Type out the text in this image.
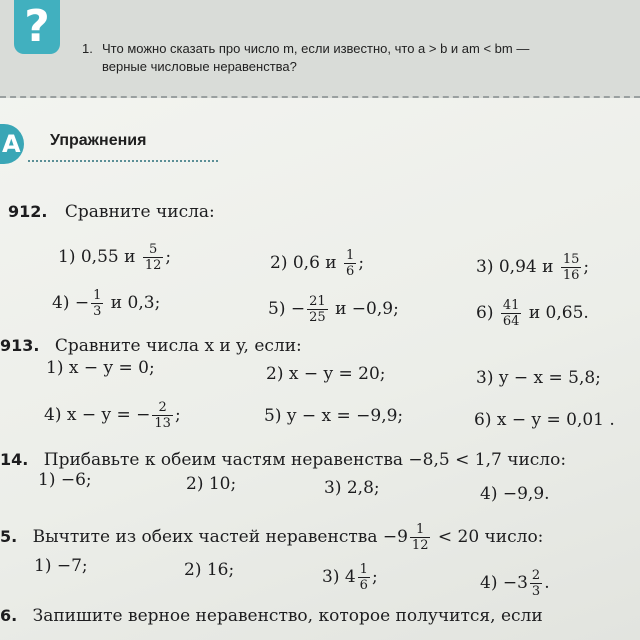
?	1. Что можно сказать про число m, если известно, что a > b и am < bm —
верные числовые неравенства?
A Упражнения
912. Сравните числа:
1) 0,55 и $\frac{5}{12}$ ;	2) 0,6 и $\frac{1}{6}$ ;	3) 0,94 и $\frac{15}{16}$ ;
$4) - \frac{1}{3}$ и 0,3;	$5) - \frac{21}{25}$ и −0,9;	$6) \frac{41}{64}$ и 0,65.
913. Сравните числа x и y, если:
1) x − y = 0;	2) x − y = 20;	3) y − x = 5,8;
4) x − y = − $\frac{2}{13}$ ;	5) y − x = −9,9;	6) x − y = 0,01 .
14. Прибавьте к обеим частям неравенства −8,5 < 1,7 число:
1) −6;	2) 10;	3) 2,8;	4) −9,9.
5. Вычтите из обеих частей неравенства $-9 \frac{1}{12} < 20$ число:
1) −7;	2) 16;	3) $4 \frac{1}{6}$ ;	$4) -3 \frac{2}{3}$ .
6. Запишите верное неравенство, которое получится, если
